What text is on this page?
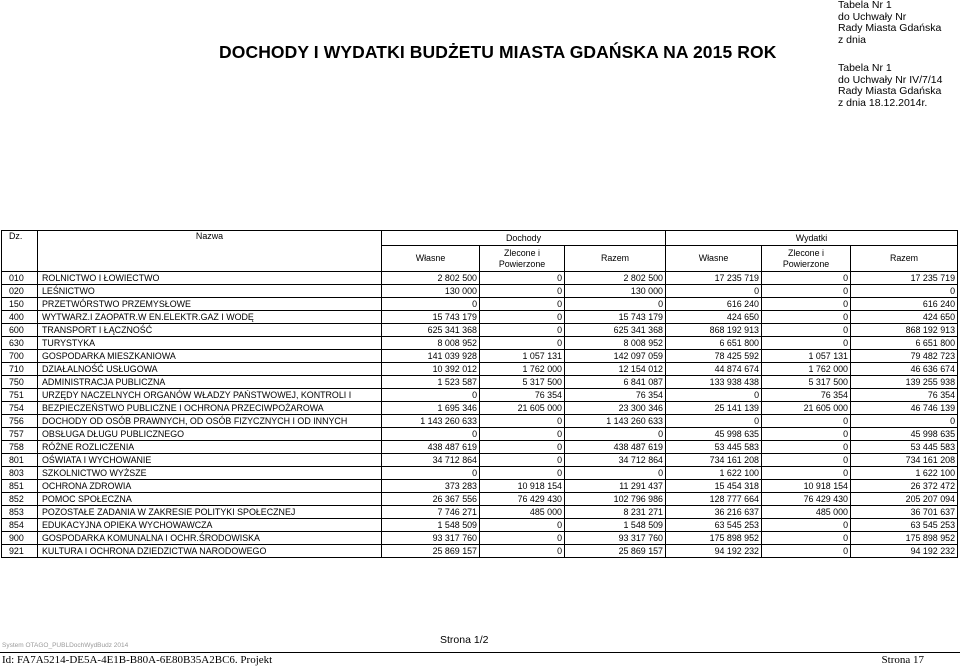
DOCHODY I WYDATKI BUDŻETU MIASTA GDAŃSKA NA 2015 ROK
Tabela Nr 1
do Uchwały Nr
Rady Miasta Gdańska
z dnia
Tabela Nr 1
do Uchwały Nr IV/7/14
Rady Miasta Gdańska
z dnia 18.12.2014r.
Dz.	Nazwa	Dochody			Wydatki		
		Własne	Zlecone i Powierzone	Razem	Własne	Zlecone i Powierzone	Razem
010	ROLNICTWO I ŁOWIECTWO	2 802 500	0	2 802 500	17 235 719	0	17 235 719
020	LEŚNICTWO	130 000	0	130 000	0	0	0
150	PRZETWÓRSTWO PRZEMYSŁOWE	0	0	0	616 240	0	616 240
400	WYTWARZ.I ZAOPATR.W EN.ELEKTR.GAZ I WODĘ	15 743 179	0	15 743 179	424 650	0	424 650
600	TRANSPORT I ŁĄCZNOŚĆ	625 341 368	0	625 341 368	868 192 913	0	868 192 913
630	TURYSTYKA	8 008 952	0	8 008 952	6 651 800	0	6 651 800
700	GOSPODARKA MIESZKANIOWA	141 039 928	1 057 131	142 097 059	78 425 592	1 057 131	79 482 723
710	DZIAŁALNOŚĆ USŁUGOWA	10 392 012	1 762 000	12 154 012	44 874 674	1 762 000	46 636 674
750	ADMINISTRACJA PUBLICZNA	1 523 587	5 317 500	6 841 087	133 938 438	5 317 500	139 255 938
751	URZĘDY NACZELNYCH ORGANÓW WŁADZY PAŃSTWOWEJ, KONTROLI I	0	76 354	76 354	0	76 354	76 354
754	BEZPIECZEŃSTWO PUBLICZNE I OCHRONA PRZECIWPOŻAROWA	1 695 346	21 605 000	23 300 346	25 141 139	21 605 000	46 746 139
756	DOCHODY OD OSÓB PRAWNYCH, OD OSÓB FIZYCZNYCH I OD INNYCH	1 143 260 633	0	1 143 260 633	0	0	0
757	OBSŁUGA DŁUGU PUBLICZNEGO	0	0	0	45 998 635	0	45 998 635
758	RÓŻNE ROZLICZENIA	438 487 619	0	438 487 619	53 445 583	0	53 445 583
801	OŚWIATA I WYCHOWANIE	34 712 864	0	34 712 864	734 161 208	0	734 161 208
803	SZKOLNICTWO WYŻSZE	0	0	0	1 622 100	0	1 622 100
851	OCHRONA ZDROWIA	373 283	10 918 154	11 291 437	15 454 318	10 918 154	26 372 472
852	POMOC SPOŁECZNA	26 367 556	76 429 430	102 796 986	128 777 664	76 429 430	205 207 094
853	POZOSTAŁE ZADANIA W ZAKRESIE POLITYKI SPOŁECZNEJ	7 746 271	485 000	8 231 271	36 216 637	485 000	36 701 637
854	EDUKACYJNA OPIEKA WYCHOWAWCZA	1 548 509	0	1 548 509	63 545 253	0	63 545 253
900	GOSPODARKA KOMUNALNA I OCHR.ŚRODOWISKA	93 317 760	0	93 317 760	175 898 952	0	175 898 952
921	KULTURA I OCHRONA DZIEDZICTWA NARODOWEGO	25 869 157	0	25 869 157	94 192 232	0	94 192 232
Strona 1/2
System OTAGO_PUBLDochWydBudz 2014
Id: FA7A5214-DE5A-4E1B-B80A-6E80B35A2BC6. Projekt	Strona 17
